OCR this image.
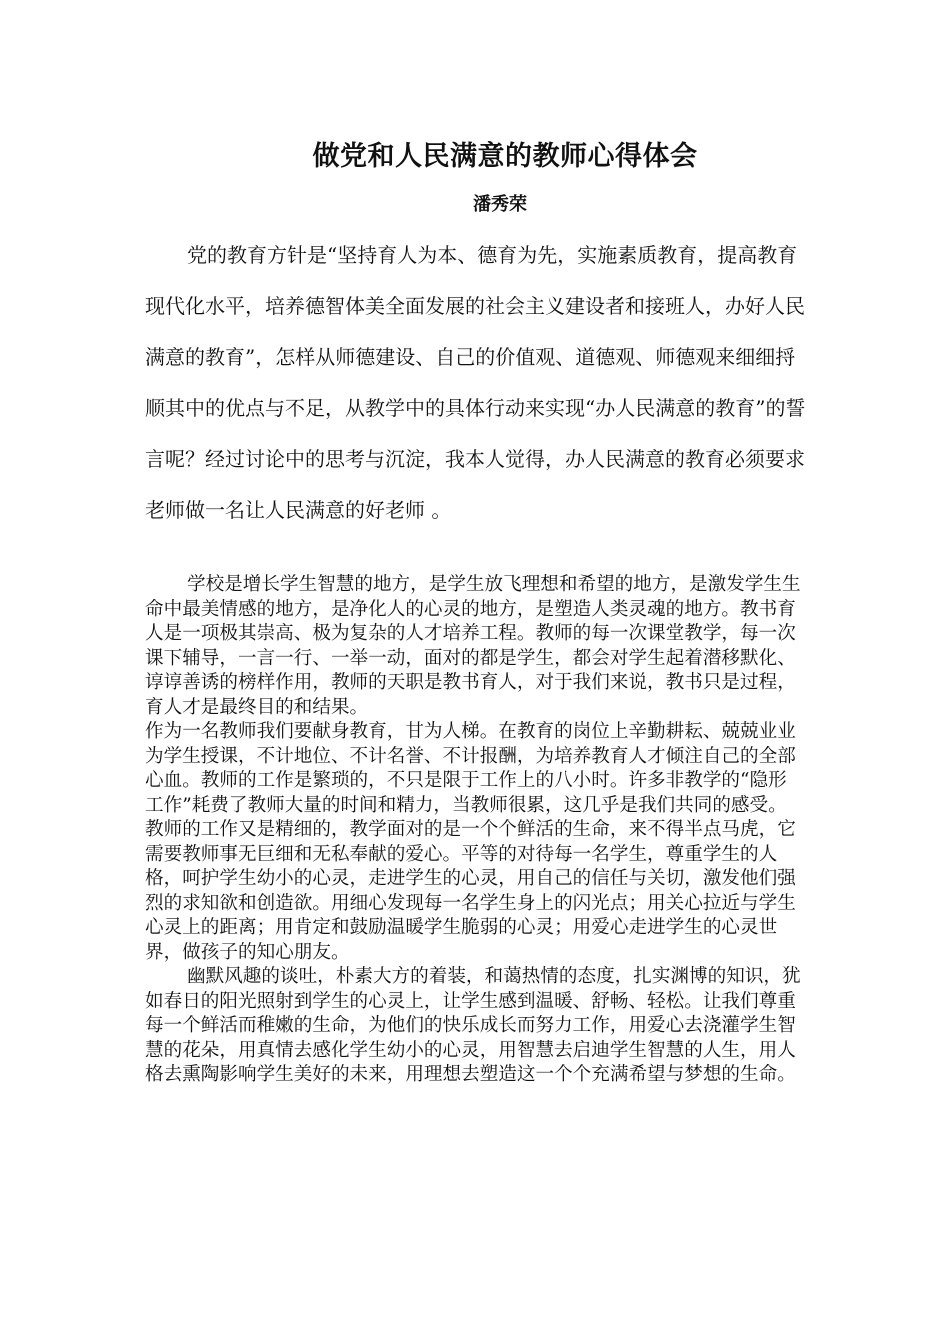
做党和人民满意的教师心得体会
潘秀荣

党的教育方针是“坚持育人为本、德育为先，实施素质教育，提高教育现代化水平，培养德智体美全面发展的社会主义建设者和接班人，办好人民满意的教育”，怎样从师德建设、自己的价值观、道德观、师德观来细细捋顺其中的优点与不足，从教学中的具体行动来实现“办人民满意的教育”的誓言呢？经过讨论中的思考与沉淀，我本人觉得，办人民满意的教育必须要求老师做一名让人民满意的好老师 。

学校是增长学生智慧的地方，是学生放飞理想和希望的地方，是激发学生生命中最美情感的地方，是净化人的心灵的地方，是塑造人类灵魂的地方。教书育人是一项极其崇高、极为复杂的人才培养工程。教师的每一次课堂教学，每一次课下辅导，一言一行、一举一动，面对的都是学生，都会对学生起着潜移默化、谆谆善诱的榜样作用，教师的天职是教书育人，对于我们来说，教书只是过程，育人才是最终目的和结果。

作为一名教师我们要献身教育，甘为人梯。在教育的岗位上辛勤耕耘、兢兢业业为学生授课，不计地位、不计名誉、不计报酬，为培养教育人才倾注自己的全部心血。教师的工作是繁琐的，不只是限于工作上的八小时。许多非教学的“隐形工作”耗费了教师大量的时间和精力，当教师很累，这几乎是我们共同的感受。教师的工作又是精细的，教学面对的是一个个鲜活的生命，来不得半点马虎，它需要教师事无巨细和无私奉献的爱心。平等的对待每一名学生，尊重学生的人格，呵护学生幼小的心灵，走进学生的心灵，用自己的信任与关切，激发他们强烈的求知欲和创造欲。用细心发现每一名学生身上的闪光点；用关心拉近与学生心灵上的距离；用肯定和鼓励温暖学生脆弱的心灵；用爱心走进学生的心灵世界，做孩子的知心朋友。

幽默风趣的谈吐，朴素大方的着装，和蔼热情的态度，扎实渊博的知识，犹如春日的阳光照射到学生的心灵上，让学生感到温暖、舒畅、轻松。让我们尊重每一个鲜活而稚嫩的生命，为他们的快乐成长而努力工作，用爱心去浇灌学生智慧的花朵，用真情去感化学生幼小的心灵，用智慧去启迪学生智慧的人生，用人格去熏陶影响学生美好的未来，用理想去塑造这一个个充满希望与梦想的生命。
